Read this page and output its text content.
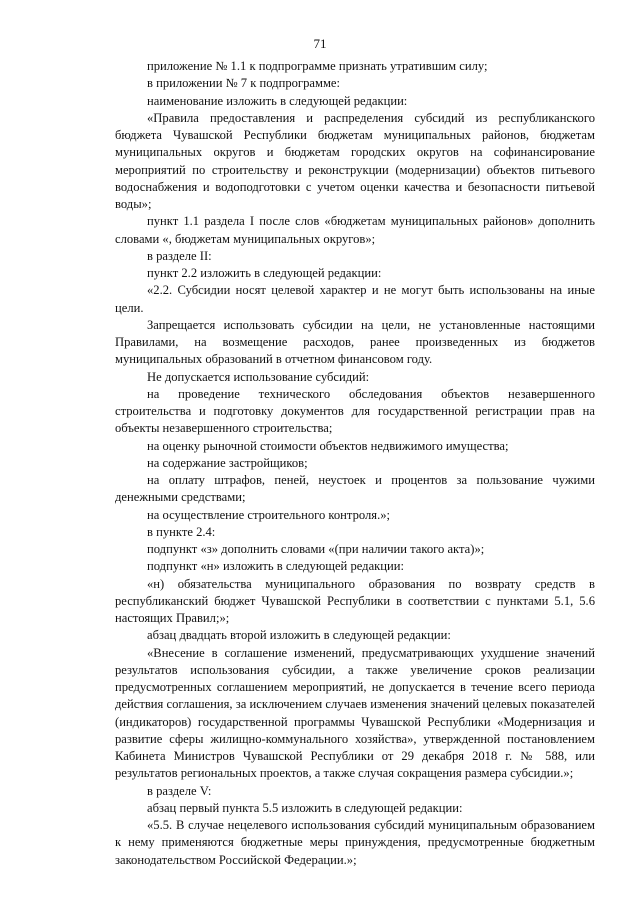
71

приложение № 1.1 к подпрограмме признать утратившим силу;

в приложении № 7 к подпрограмме:

наименование изложить в следующей редакции:

«Правила предоставления и распределения субсидий из республиканского бюджета Чувашской Республики бюджетам муниципальных районов, бюджетам муниципальных округов и бюджетам городских округов на софинансирование мероприятий по строительству и реконструкции (модернизации) объектов питьевого водоснабжения и водоподготовки с учетом оценки качества и безопасности питьевой воды»;

пункт 1.1 раздела I после слов «бюджетам муниципальных районов» дополнить словами «, бюджетам муниципальных округов»;

в разделе II:

пункт 2.2 изложить в следующей редакции:

«2.2. Субсидии носят целевой характер и не могут быть использованы на иные цели.

Запрещается использовать субсидии на цели, не установленные настоящими Правилами, на возмещение расходов, ранее произведенных из бюджетов муниципальных образований в отчетном финансовом году.

Не допускается использование субсидий:

на проведение технического обследования объектов незавершенного строительства и подготовку документов для государственной регистрации прав на объекты незавершенного строительства;

на оценку рыночной стоимости объектов недвижимого имущества;

на содержание застройщиков;

на оплату штрафов, пеней, неустоек и процентов за пользование чужими денежными средствами;

на осуществление строительного контроля.»;

в пункте 2.4:

подпункт «з» дополнить словами «(при наличии такого акта)»;

подпункт «н» изложить в следующей редакции:

«н) обязательства муниципального образования по возврату средств в республиканский бюджет Чувашской Республики в соответствии с пунктами 5.1, 5.6 настоящих Правил;»;

абзац двадцать второй изложить в следующей редакции:

«Внесение в соглашение изменений, предусматривающих ухудшение значений результатов использования субсидии, а также увеличение сроков реализации предусмотренных соглашением мероприятий, не допускается в течение всего периода действия соглашения, за исключением случаев изменения значений целевых показателей (индикаторов) государственной программы Чувашской Республики «Модернизация и развитие сферы жилищно-коммунального хозяйства», утвержденной постановлением Кабинета Министров Чувашской Республики от 29 декабря 2018 г. № 588, или результатов региональных проектов, а также случая сокращения размера субсидии.»;

в разделе V:

абзац первый пункта 5.5 изложить в следующей редакции:

«5.5. В случае нецелевого использования субсидий муниципальным образованием к нему применяются бюджетные меры принуждения, предусмотренные бюджетным законодательством Российской Федерации.»;
